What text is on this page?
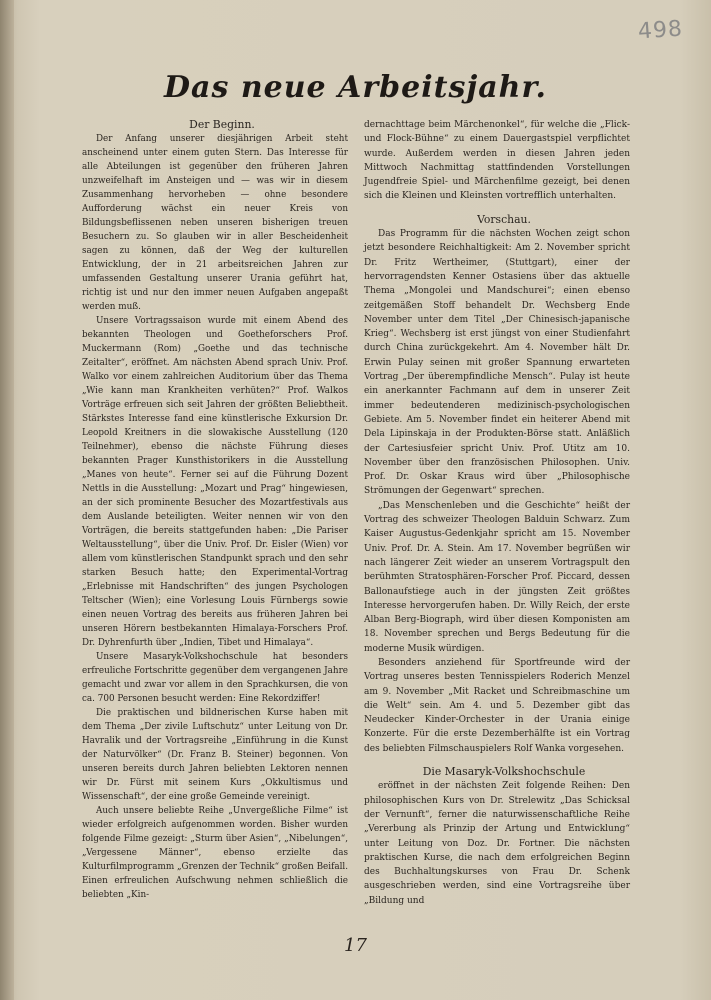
498
Das neue Arbeitsjahr.

Der Beginn.

Der Anfang unserer diesjährigen Arbeit steht anscheinend unter einem guten Stern. Das Interesse für alle Abteilungen ist gegenüber den früheren Jahren unzweifelhaft im Ansteigen und — was wir in diesem Zusammenhang hervorheben — ohne besondere Aufforderung wächst ein neuer Kreis von Bildungsbeflissenen neben unseren bisherigen treuen Besuchern zu. So glauben wir in aller Bescheidenheit sagen zu können, daß der Weg der kulturellen Entwicklung, der in 21 arbeitsreichen Jahren zur umfassenden Gestaltung unserer Urania geführt hat, richtig ist und nur den immer neuen Aufgaben angepaßt werden muß.

Unsere Vortragssaison wurde mit einem Abend des bekannten Theologen und Goetheforschers Prof. Muckermann (Rom) „Goethe und das technische Zeitalter“, eröffnet. Am nächsten Abend sprach Univ. Prof. Walko vor einem zahlreichen Auditorium über das Thema „Wie kann man Krankheiten verhüten?“ Prof. Walkos Vorträge erfreuen sich seit Jahren der größten Beliebtheit. Stärkstes Interesse fand eine künstlerische Exkursion Dr. Leopold Kreitners in die slowakische Ausstellung (120 Teilnehmer), ebenso die nächste Führung dieses bekannten Prager Kunsthistorikers in die Ausstellung „Manes von heute“. Ferner sei auf die Führung Dozent Nettls in die Ausstellung: „Mozart und Prag“ hingewiesen, an der sich prominente Besucher des Mozartfestivals aus dem Auslande beteiligten. Weiter nennen wir von den Vorträgen, die bereits stattgefunden haben: „Die Pariser Weltausstellung“, über die Univ. Prof. Dr. Eisler (Wien) vor allem vom künstlerischen Standpunkt sprach und den sehr starken Besuch hatte; den Experimental-Vortrag „Erlebnisse mit Handschriften“ des jungen Psychologen Teltscher (Wien); eine Vorlesung Louis Fürnbergs sowie einen neuen Vortrag des bereits aus früheren Jahren bei unseren Hörern bestbekannten Himalaya-Forschers Prof. Dr. Dyhrenfurth über „Indien, Tibet und Himalaya“.

Unsere Masaryk-Volkshochschule hat besonders erfreuliche Fortschritte gegenüber dem vergangenen Jahre gemacht und zwar vor allem in den Sprachkursen, die von ca. 700 Personen besucht werden: Eine Rekordziffer!

Die praktischen und bildnerischen Kurse haben mit dem Thema „Der zivile Luftschutz“ unter Leitung von Dr. Havralik und der Vortragsreihe „Einführung in die Kunst der Naturvölker“ (Dr. Franz B. Steiner) begonnen. Von unseren bereits durch Jahren beliebten Lektoren nennen wir Dr. Fürst mit seinem Kurs „Okkultismus und Wissenschaft“, der eine große Gemeinde vereinigt.

Auch unsere beliebte Reihe „Unvergeßliche Filme“ ist wieder erfolgreich aufgenommen worden. Bisher wurden folgende Filme gezeigt: „Sturm über Asien“, „Nibelungen“, „Vergessene Männer“, ebenso erzielte das Kulturfilmprogramm „Grenzen der Technik“ großen Beifall. Einen erfreulichen Aufschwung nehmen schließlich die beliebten „Kin-

dernachttage beim Märchenonkel“, für welche die „Flick- und Flock-Bühne“ zu einem Dauergastspiel verpflichtet wurde. Außerdem werden in diesen Jahren jeden Mittwoch Nachmittag stattfindenden Vorstellungen Jugendfreie Spiel- und Märchenfilme gezeigt, bei denen sich die Kleinen und Kleinsten vortrefflich unterhalten.

Vorschau.

Das Programm für die nächsten Wochen zeigt schon jetzt besondere Reichhaltigkeit: Am 2. November spricht Dr. Fritz Wertheimer, (Stuttgart), einer der hervorragendsten Kenner Ostasiens über das aktuelle Thema „Mongolei und Mandschurei“; einen ebenso zeitgemäßen Stoff behandelt Dr. Wechsberg Ende November unter dem Titel „Der Chinesisch-japanische Krieg“. Wechsberg ist erst jüngst von einer Studienfahrt durch China zurückgekehrt. Am 4. November hält Dr. Erwin Pulay seinen mit großer Spannung erwarteten Vortrag „Der überempfindliche Mensch“. Pulay ist heute ein anerkannter Fachmann auf dem in unserer Zeit immer bedeutenderen medizinisch-psychologischen Gebiete. Am 5. November findet ein heiterer Abend mit Dela Lipinskaja in der Produkten-Börse statt. Anläßlich der Cartesiusfeier spricht Univ. Prof. Utitz am 10. November über den französischen Philosophen. Univ. Prof. Dr. Oskar Kraus wird über „Philosophische Strömungen der Gegenwart“ sprechen.

„Das Menschenleben und die Geschichte“ heißt der Vortrag des schweizer Theologen Balduin Schwarz. Zum Kaiser Augustus-Gedenkjahr spricht am 15. November Univ. Prof. Dr. A. Stein. Am 17. November begrüßen wir nach längerer Zeit wieder an unserem Vortragspult den berühmten Stratosphären-Forscher Prof. Piccard, dessen Ballonaufstiege auch in der jüngsten Zeit größtes Interesse hervorgerufen haben. Dr. Willy Reich, der erste Alban Berg-Biograph, wird über diesen Komponisten am 18. November sprechen und Bergs Bedeutung für die moderne Musik würdigen.

Besonders anziehend für Sportfreunde wird der Vortrag unseres besten Tennisspielers Roderich Menzel am 9. November „Mit Racket und Schreibmaschine um die Welt“ sein. Am 4. und 5. Dezember gibt das Neudecker Kinder-Orchester in der Urania einige Konzerte. Für die erste Dezemberhälfte ist ein Vortrag des beliebten Filmschauspielers Rolf Wanka vorgesehen.

Die Masaryk-Volkshochschule

eröffnet in der nächsten Zeit folgende Reihen: Den philosophischen Kurs von Dr. Strelewitz „Das Schicksal der Vernunft“, ferner die naturwissenschaftliche Reihe „Vererbung als Prinzip der Artung und Entwicklung“ unter Leitung von Doz. Dr. Fortner. Die nächsten praktischen Kurse, die nach dem erfolgreichen Beginn des Buchhaltungskurses von Frau Dr. Schenk ausgeschrieben werden, sind eine Vortragsreihe über „Bildung und

17
